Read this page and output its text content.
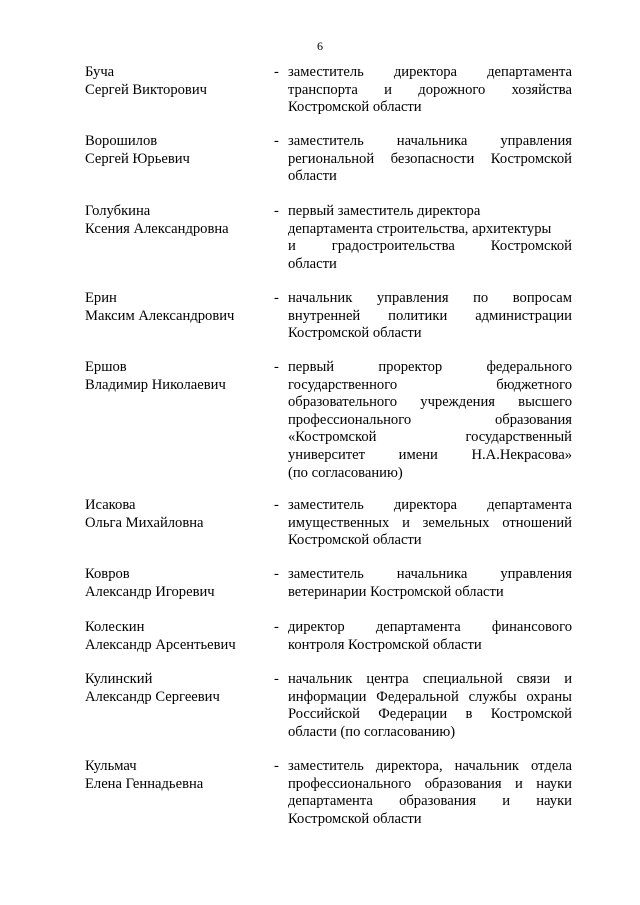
6
Буча
Сергей Викторович
- заместитель директора департамента
транспорта и дорожного хозяйства
Костромской области
Ворошилов
Сергей Юрьевич
- заместитель начальника управления
региональной безопасности Костромской
области
Голубкина
Ксения Александровна
- первый заместитель директора
департамента строительства, архитектуры
и градостроительства Костромской
области
Ерин
Максим Александрович
- начальник управления по вопросам
внутренней политики администрации
Костромской области
Ершов
Владимир Николаевич
- первый проректор федерального
государственного бюджетного
образовательного учреждения высшего
профессионального образования
«Костромской государственный
университет имени Н.А.Некрасова»
(по согласованию)
Исакова
Ольга Михайловна
- заместитель директора департамента
имущественных и земельных отношений
Костромской области
Ковров
Александр Игоревич
- заместитель начальника управления
ветеринарии Костромской области
Колескин
Александр Арсентьевич
- директор департамента финансового
контроля Костромской области
Кулинский
Александр Сергеевич
- начальник центра специальной связи и
информации Федеральной службы охраны
Российской Федерации в Костромской
области (по согласованию)
Кульмач
Елена Геннадьевна
- заместитель директора, начальник отдела
профессионального образования и науки
департамента образования и науки
Костромской области
